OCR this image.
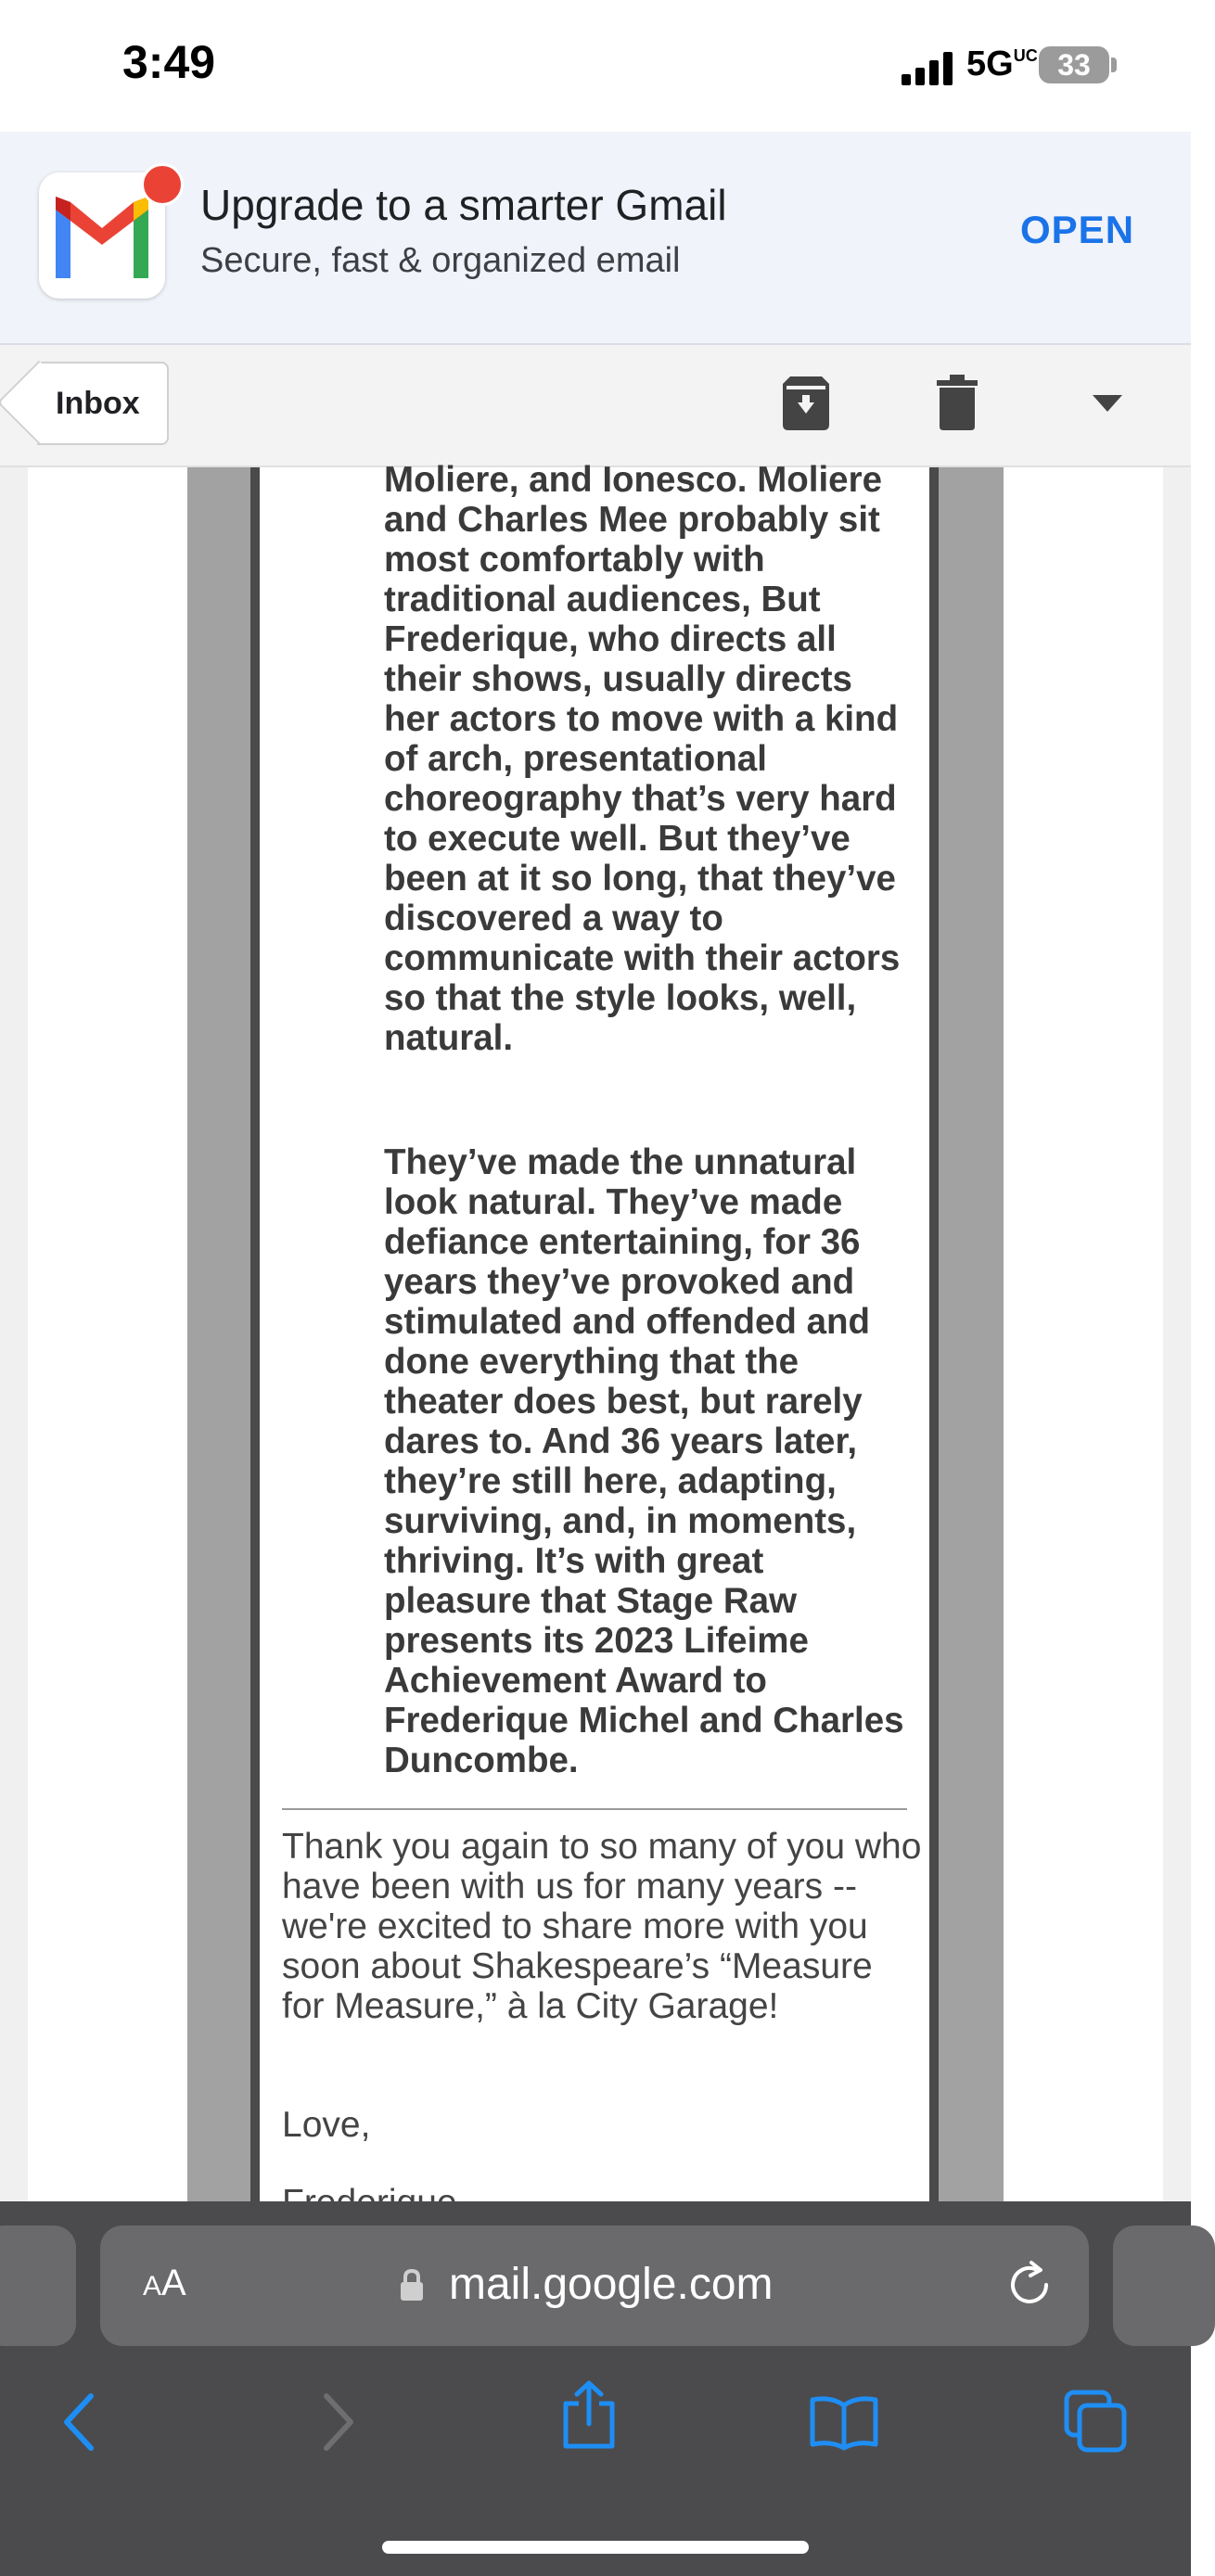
3:49	5GUC 33
Upgrade to a smarter Gmail
Secure, fast & organized email
OPEN
Inbox
Moliere, and Ionesco. Moliere and Charles Mee probably sit most comfortably with traditional audiences, But Frederique, who directs all their shows, usually directs her actors to move with a kind of arch, presentational choreography that’s very hard to execute well. But they’ve been at it so long, that they’ve discovered a way to communicate with their actors so that the style looks, well, natural.
They’ve made the unnatural look natural. They’ve made defiance entertaining, for 36 years they’ve provoked and stimulated and offended and done everything that the theater does best, but rarely dares to. And 36 years later, they’re still here, adapting, surviving, and, in moments, thriving. It’s with great pleasure that Stage Raw presents its 2023 Lifeime Achievement Award to Frederique Michel and Charles Duncombe.
Thank you again to so many of you who have been with us for many years -- we're excited to share more with you soon about Shakespeare’s “Measure for Measure,” à la City Garage!
Love,
AA	mail.google.com
